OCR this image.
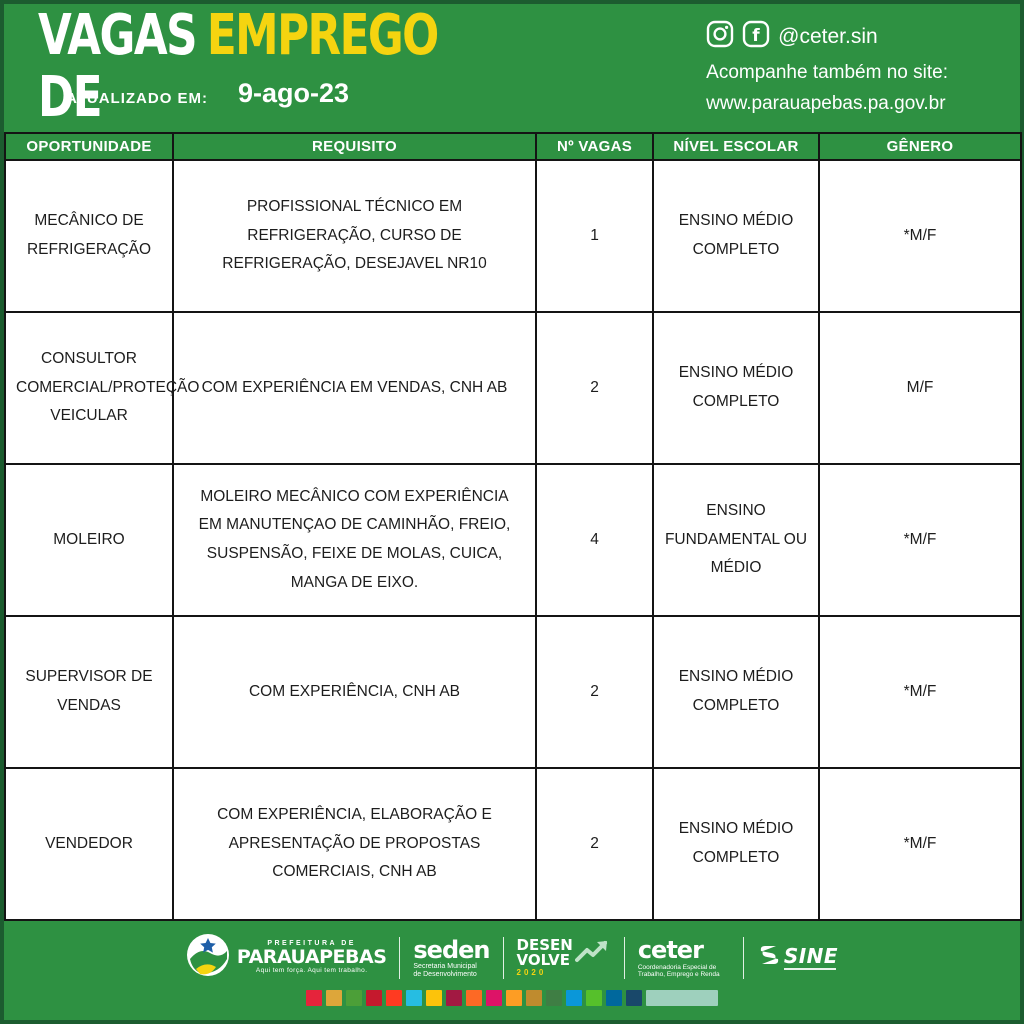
VAGAS EMPREGO
DE
ATUALIZADO EM: 9-ago-23
f @ceter.sin
Acompanhe também no site:
www.parauapebas.pa.gov.br
OPORTUNIDADE	REQUISITO	Nº VAGAS	NÍVEL ESCOLAR	GÊNERO
MECÂNICO DE REFRIGERAÇÃO	PROFISSIONAL TÉCNICO EM REFRIGERAÇÃO, CURSO DE REFRIGERAÇÃO, DESEJAVEL NR10	1	ENSINO MÉDIO COMPLETO	*M/F
CONSULTOR COMERCIAL/PROTEÇÃO VEICULAR	COM EXPERIÊNCIA EM VENDAS, CNH AB	2	ENSINO MÉDIO COMPLETO	M/F
MOLEIRO	MOLEIRO MECÂNICO COM EXPERIÊNCIA EM MANUTENÇAO DE CAMINHÃO, FREIO, SUSPENSÃO, FEIXE DE MOLAS, CUICA, MANGA DE EIXO.	4	ENSINO FUNDAMENTAL OU MÉDIO	*M/F
SUPERVISOR DE VENDAS	COM EXPERIÊNCIA, CNH AB	2	ENSINO MÉDIO COMPLETO	*M/F
VENDEDOR	COM EXPERIÊNCIA, ELABORAÇÃO E APRESENTAÇÃO DE PROPOSTAS COMERCIAIS, CNH AB	2	ENSINO MÉDIO COMPLETO	*M/F
PREFEITURA DE
PARAUAPEBAS
Aqui tem força. Aqui tem trabalho.
seden
Secretaria Municipal
de Desenvolvimento
DESEN
VOLVE
2020
ceter
Coordenadoria Especial de Trabalho, Emprego e Renda
SINE
